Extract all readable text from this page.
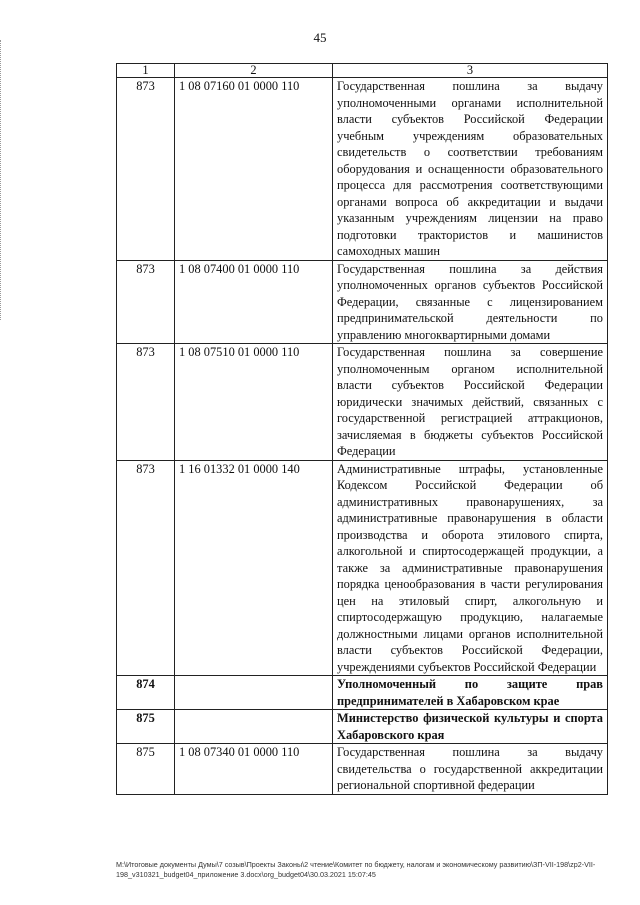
45
1	2	3
873	1 08 07160 01 0000 110	Государственная пошлина за выдачу уполномоченными органами исполнительной власти субъектов Российской Федерации учебным учреждениям образовательных свидетельств о соответствии требованиям оборудования и оснащенности образовательного процесса для рассмотрения соответствующими органами вопроса об аккредитации и выдачи указанным учреждениям лицензии на право подготовки трактористов и машинистов самоходных машин
873	1 08 07400 01 0000 110	Государственная пошлина за действия уполномоченных органов субъектов Российской Федерации, связанные с лицензированием предпринимательской деятельности по управлению многоквартирными домами
873	1 08 07510 01 0000 110	Государственная пошлина за совершение уполномоченным органом исполнительной власти субъектов Российской Федерации юридически значимых действий, связанных с государственной регистрацией аттракционов, зачисляемая в бюджеты субъектов Российской Федерации
873	1 16 01332 01 0000 140	Административные штрафы, установленные Кодексом Российской Федерации об административных правонарушениях, за административные правонарушения в области производства и оборота этилового спирта, алкогольной и спиртосодержащей продукции, а также за административные правонарушения порядка ценообразования в части регулирования цен на этиловый спирт, алкогольную и спиртосодержащую продукцию, налагаемые должностными лицами органов исполнительной власти субъектов Российской Федерации, учреждениями субъектов Российской Федерации
874		Уполномоченный по защите прав предпринимателей в Хабаровском крае
875		Министерство физической культуры и спорта Хабаровского края
875	1 08 07340 01 0000 110	Государственная пошлина за выдачу свидетельства о государственной аккредитации региональной спортивной федерации
M:\Итоговые документы Думы\7 созыв\Проекты Законы\2 чтение\Комитет по бюджету, налогам и экономическому развитию\ЗП-VII-198\zp2-VII-
198_v310321_budget04_приложение 3.docx\org_budget04\30.03.2021 15:07:45
